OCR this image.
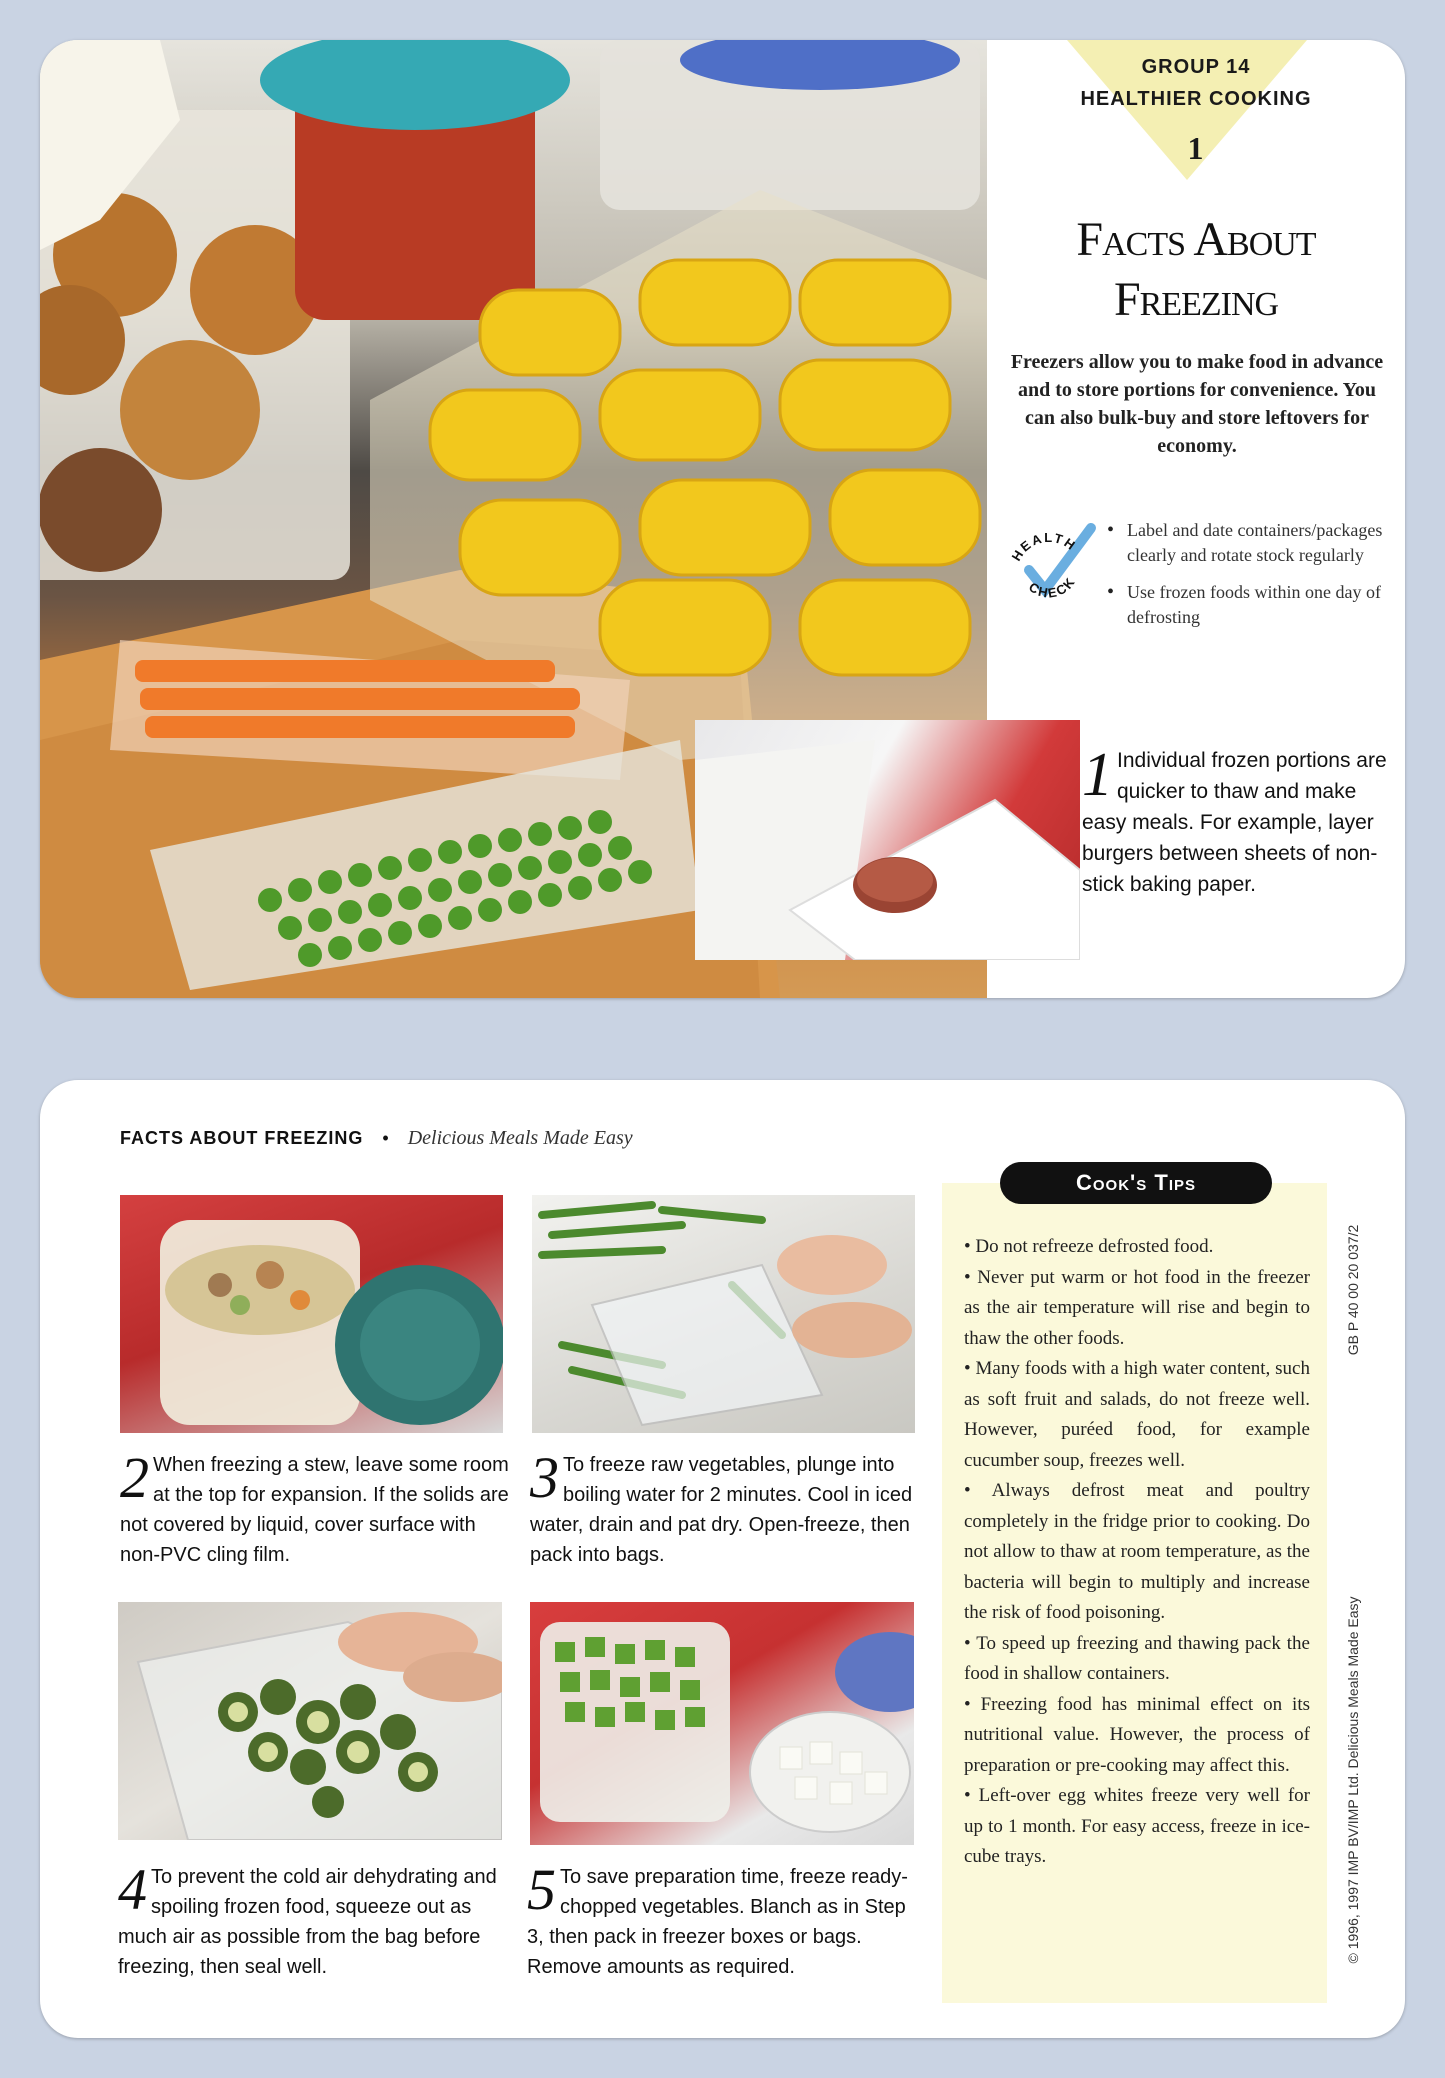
GROUP 14
HEALTHIER COOKING
1
Facts About
Freezing
Freezers allow you to make food in advance and to store portions for convenience. You can also bulk-buy and store leftovers for economy.
HEALTH
CHECK
• Label and date containers/packages clearly and rotate stock regularly
• Use frozen foods within one day of defrosting
1 Individual frozen portions are quicker to thaw and make easy meals. For example, layer burgers between sheets of non-stick baking paper.
FACTS ABOUT FREEZING • Delicious Meals Made Easy
2 When freezing a stew, leave some room at the top for expansion. If the solids are not covered by liquid, cover surface with non-PVC cling film.
3 To freeze raw vegetables, plunge into boiling water for 2 minutes. Cool in iced water, drain and pat dry. Open-freeze, then pack into bags.
4 To prevent the cold air dehydrating and spoiling frozen food, squeeze out as much air as possible from the bag before freezing, then seal well.
5 To save preparation time, freeze ready-chopped vegetables. Blanch as in Step 3, then pack in freezer boxes or bags. Remove amounts as required.
Cook's Tips

• Do not refreeze defrosted food.

• Never put warm or hot food in the freezer as the air temperature will rise and begin to thaw the other foods.

• Many foods with a high water content, such as soft fruit and salads, do not freeze well. However, puréed food, for example cucumber soup, freezes well.

• Always defrost meat and poultry completely in the fridge prior to cooking. Do not allow to thaw at room temperature, as the bacteria will begin to multiply and increase the risk of food poisoning.

• To speed up freezing and thawing pack the food in shallow containers.

• Freezing food has minimal effect on its nutritional value. However, the process of preparation or pre-cooking may affect this.

• Left-over egg whites freeze very well for up to 1 month. For easy access, freeze in ice-cube trays.

GB P 40 00 20 037/2
© 1996, 1997 IMP BV/IMP Ltd. Delicious Meals Made Easy
